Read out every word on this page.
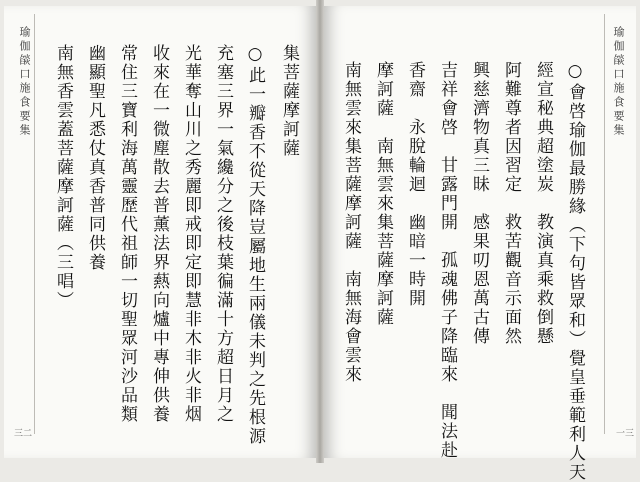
瑜伽燄口施食要集	集菩薩摩訶薩
○此一瓣香不從天降豈屬地生兩儀未判之先根源
充塞三界一氣纔分之後枝葉徧滿十方超日月之
光華奪山川之秀麗即戒即定即慧非木非火非烟
收來在一微塵散去普薰法界爇向爐中專伸供養
常住三寶利海萬靈歷代祖師一切聖眾河沙品類
幽顯聖凡悉仗真香普同供養
南無香雲蓋菩薩摩訶薩（三唱）
三二
瑜伽燄口施食要集
○會啓瑜伽最勝緣（下句皆眾和）覺皇垂範利人天
經宣秘典超塗炭　教演真乘救倒懸
阿難尊者因習定　救苦觀音示面然
興慈濟物真三昧　感果叨恩萬古傳
吉祥會啓　甘露門開　孤魂佛子降臨來　聞法赴
香齋　永脫輪迴　幽暗一時開
摩訶薩　南無雲來集菩薩摩訶薩
南無雲來集菩薩摩訶薩　南無海會雲來
一三
